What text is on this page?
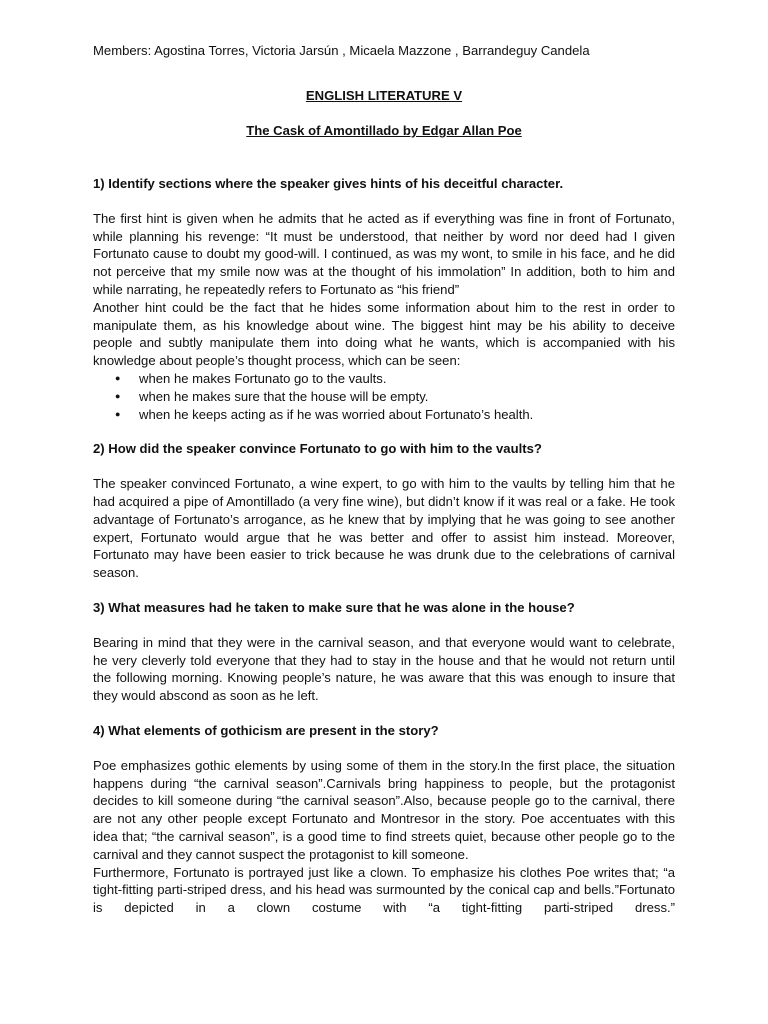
Members: Agostina Torres, Victoria Jarsún , Micaela Mazzone , Barrandeguy Candela
ENGLISH LITERATURE V
The Cask of Amontillado by Edgar Allan Poe
1) Identify sections where the speaker gives hints of his deceitful character.

The first hint is given when he admits that he acted as if everything was fine in front of Fortunato, while planning his revenge: “It must be understood, that neither by word nor deed had I given Fortunato cause to doubt my good-will. I continued, as was my wont, to smile in his face, and he did not perceive that my smile now was at the thought of his immolation” In addition, both to him and while narrating, he repeatedly refers to Fortunato as “his friend”

Another hint could be the fact that he hides some information about him to the rest in order to manipulate them, as his knowledge about wine. The biggest hint may be his ability to deceive people and subtly manipulate them into doing what he wants, which is accompanied with his knowledge about people’s thought process, which can be seen:

● when he makes Fortunato go to the vaults.
● when he makes sure that the house will be empty.
● when he keeps acting as if he was worried about Fortunato’s health.
2) How did the speaker convince Fortunato to go with him to the vaults?

The speaker convinced Fortunato, a wine expert, to go with him to the vaults by telling him that he had acquired a pipe of Amontillado (a very fine wine), but didn’t know if it was real or a fake. He took advantage of Fortunato’s arrogance, as he knew that by implying that he was going to see another expert, Fortunato would argue that he was better and offer to assist him instead. Moreover, Fortunato may have been easier to trick because he was drunk due to the celebrations of carnival season.

3) What measures had he taken to make sure that he was alone in the house?

Bearing in mind that they were in the carnival season, and that everyone would want to celebrate, he very cleverly told everyone that they had to stay in the house and that he would not return until the following morning. Knowing people’s nature, he was aware that this was enough to insure that they would abscond as soon as he left.

4) What elements of gothicism are present in the story?

Poe emphasizes gothic elements by using some of them in the story.In the first place, the situation happens during “the carnival season”.Carnivals bring happiness to people, but the protagonist decides to kill someone during “the carnival season”.Also, because people go to the carnival, there are not any other people except Fortunato and Montresor in the story. Poe accentuates with this idea that; “the carnival season”, is a good time to find streets quiet, because other people go to the carnival and they cannot suspect the protagonist to kill someone.

Furthermore, Fortunato is portrayed just like a clown. To emphasize his clothes Poe writes that; “a tight-fitting parti-striped dress, and his head was surmounted by the conical cap and bells.”Fortunato is depicted in a clown costume with “a tight-fitting parti-striped dress.”
